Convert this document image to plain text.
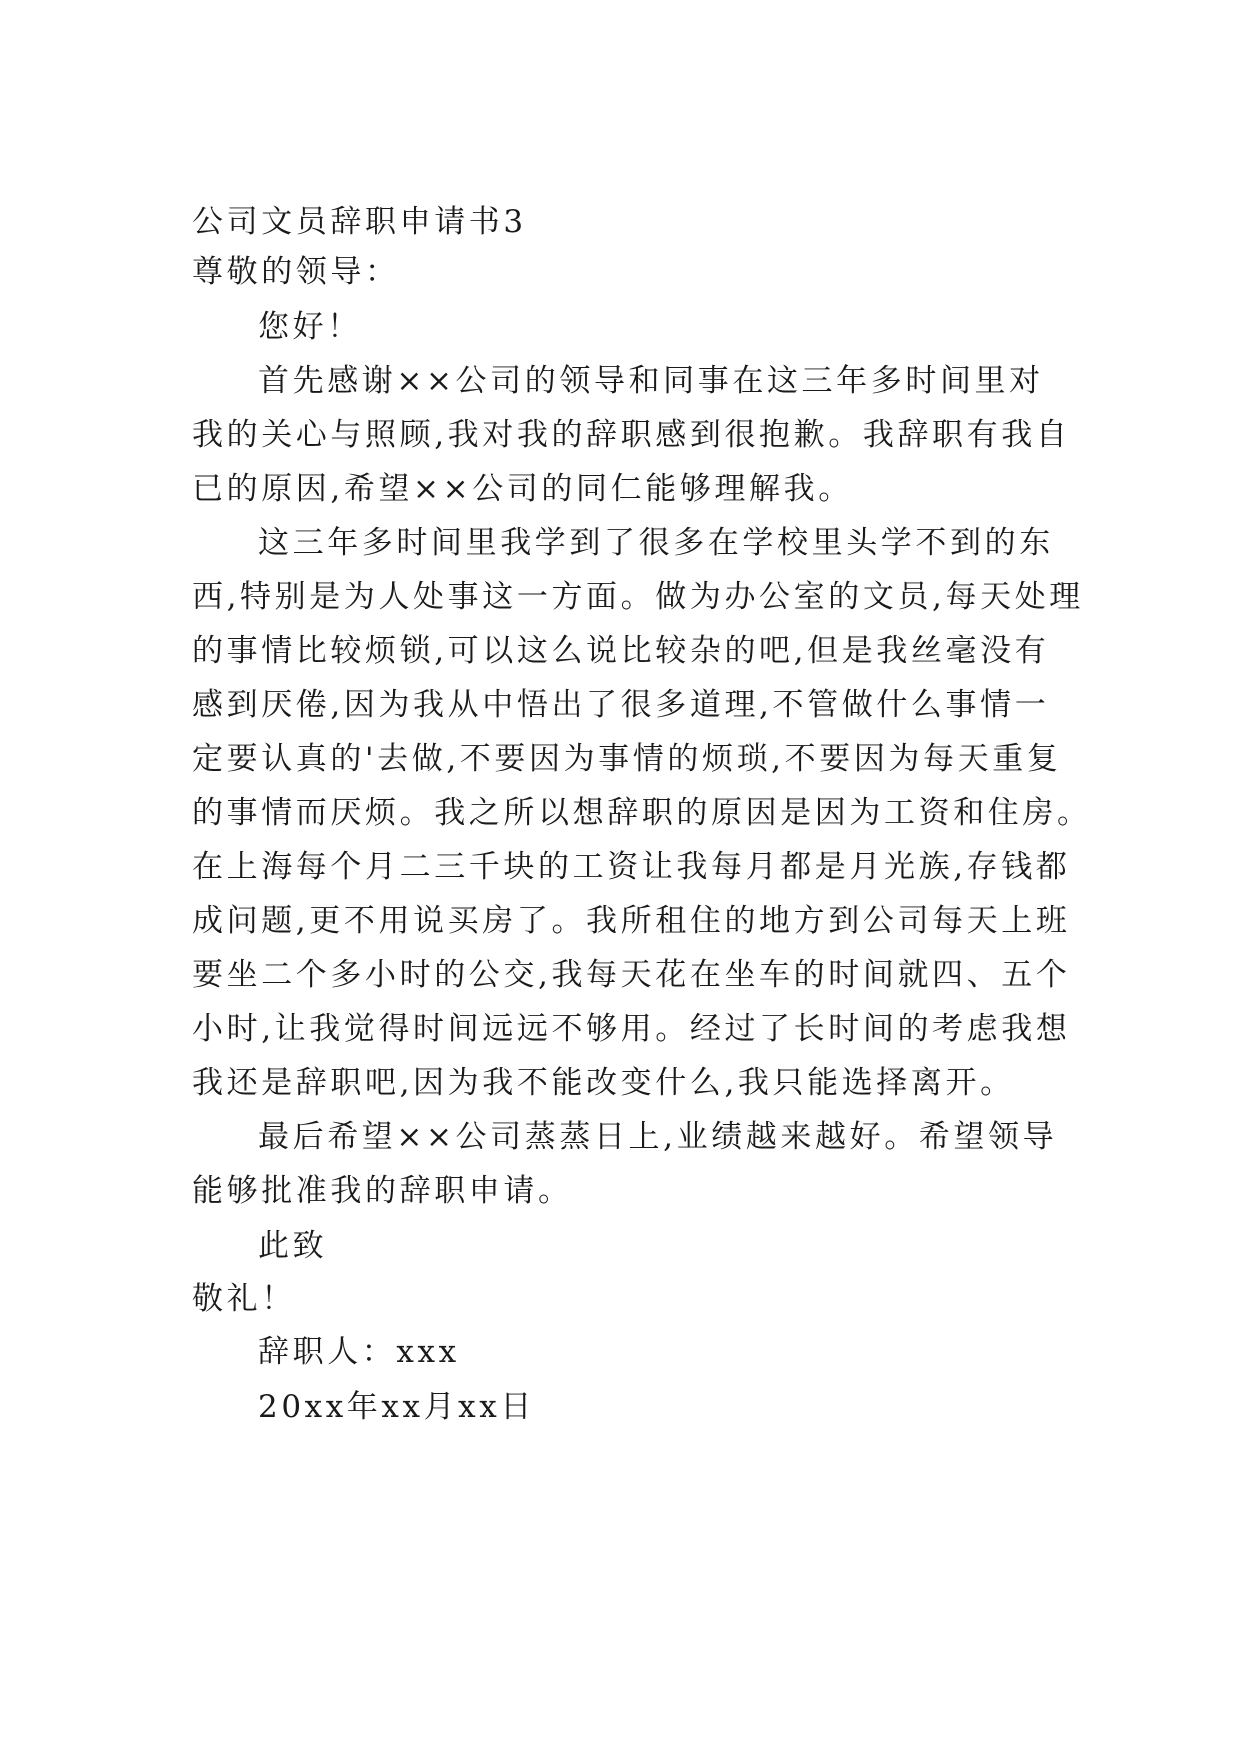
公司文员辞职申请书3
尊敬的领导：
您好！
首先感谢××公司的领导和同事在这三年多时间里对
我的关心与照顾,我对我的辞职感到很抱歉。我辞职有我自
已的原因,希望××公司的同仁能够理解我。
这三年多时间里我学到了很多在学校里头学不到的东
西,特别是为人处事这一方面。做为办公室的文员,每天处理
的事情比较烦锁,可以这么说比较杂的吧,但是我丝毫没有
感到厌倦,因为我从中悟出了很多道理,不管做什么事情一
定要认真的'去做,不要因为事情的烦琐,不要因为每天重复
的事情而厌烦。我之所以想辞职的原因是因为工资和住房。
在上海每个月二三千块的工资让我每月都是月光族,存钱都
成问题,更不用说买房了。我所租住的地方到公司每天上班
要坐二个多小时的公交,我每天花在坐车的时间就四、五个
小时,让我觉得时间远远不够用。经过了长时间的考虑我想
我还是辞职吧,因为我不能改变什么,我只能选择离开。
最后希望××公司蒸蒸日上,业绩越来越好。希望领导
能够批准我的辞职申请。
此致
敬礼！
辞职人：xxx
20xx年xx月xx日
